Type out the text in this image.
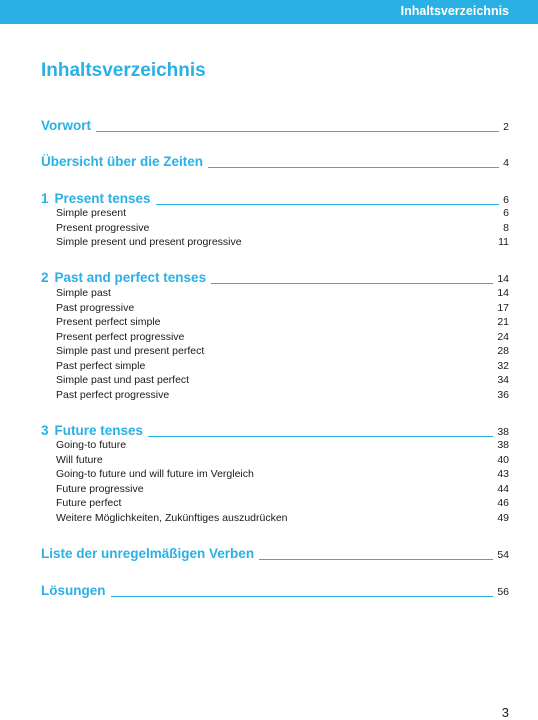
Inhaltsverzeichnis
Inhaltsverzeichnis
Vorwort	2
Übersicht über die Zeiten	4
1 Present tenses	6
Simple present	6
Present progressive	8
Simple present und present progressive	11
2 Past and perfect tenses	14
Simple past	14
Past progressive	17
Present perfect simple	21
Present perfect progressive	24
Simple past und present perfect	28
Past perfect simple	32
Simple past und past perfect	34
Past perfect progressive	36
3 Future tenses	38
Going-to future	38
Will future	40
Going-to future und will future im Vergleich	43
Future progressive	44
Future perfect	46
Weitere Möglichkeiten, Zukünftiges auszudrücken	49
Liste der unregelmäßigen Verben	54
Lösungen	56
3
